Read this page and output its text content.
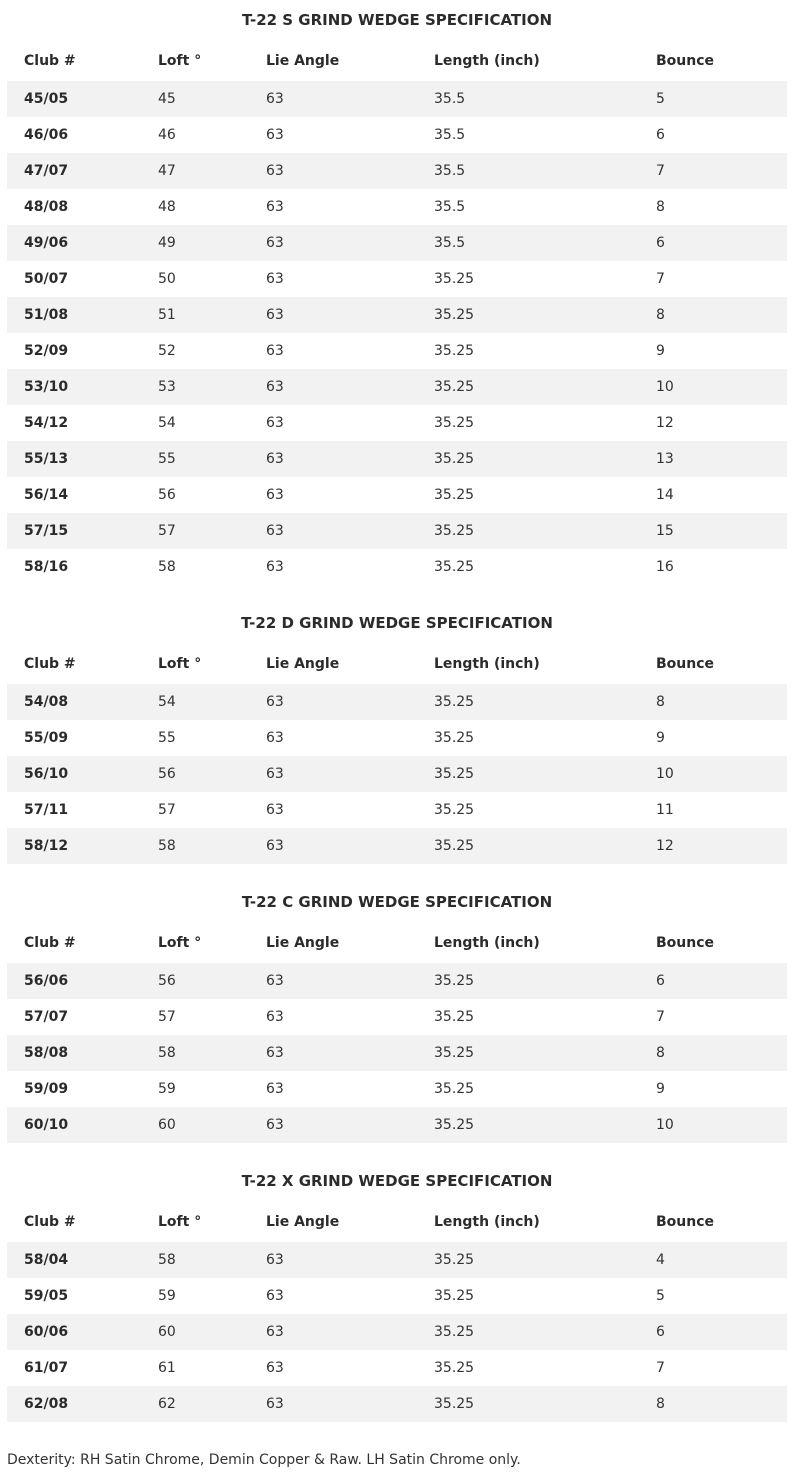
T-22 S GRIND WEDGE SPECIFICATION
Club #	Loft °	Lie Angle	Length (inch)	Bounce
45/05	45	63	35.5	5
46/06	46	63	35.5	6
47/07	47	63	35.5	7
48/08	48	63	35.5	8
49/06	49	63	35.5	6
50/07	50	63	35.25	7
51/08	51	63	35.25	8
52/09	52	63	35.25	9
53/10	53	63	35.25	10
54/12	54	63	35.25	12
55/13	55	63	35.25	13
56/14	56	63	35.25	14
57/15	57	63	35.25	15
58/16	58	63	35.25	16
T-22 D GRIND WEDGE SPECIFICATION
Club #	Loft °	Lie Angle	Length (inch)	Bounce
54/08	54	63	35.25	8
55/09	55	63	35.25	9
56/10	56	63	35.25	10
57/11	57	63	35.25	11
58/12	58	63	35.25	12
T-22 C GRIND WEDGE SPECIFICATION
Club #	Loft °	Lie Angle	Length (inch)	Bounce
56/06	56	63	35.25	6
57/07	57	63	35.25	7
58/08	58	63	35.25	8
59/09	59	63	35.25	9
60/10	60	63	35.25	10
T-22 X GRIND WEDGE SPECIFICATION
Club #	Loft °	Lie Angle	Length (inch)	Bounce
58/04	58	63	35.25	4
59/05	59	63	35.25	5
60/06	60	63	35.25	6
61/07	61	63	35.25	7
62/08	62	63	35.25	8
Dexterity: RH Satin Chrome, Demin Copper & Raw. LH Satin Chrome only.
